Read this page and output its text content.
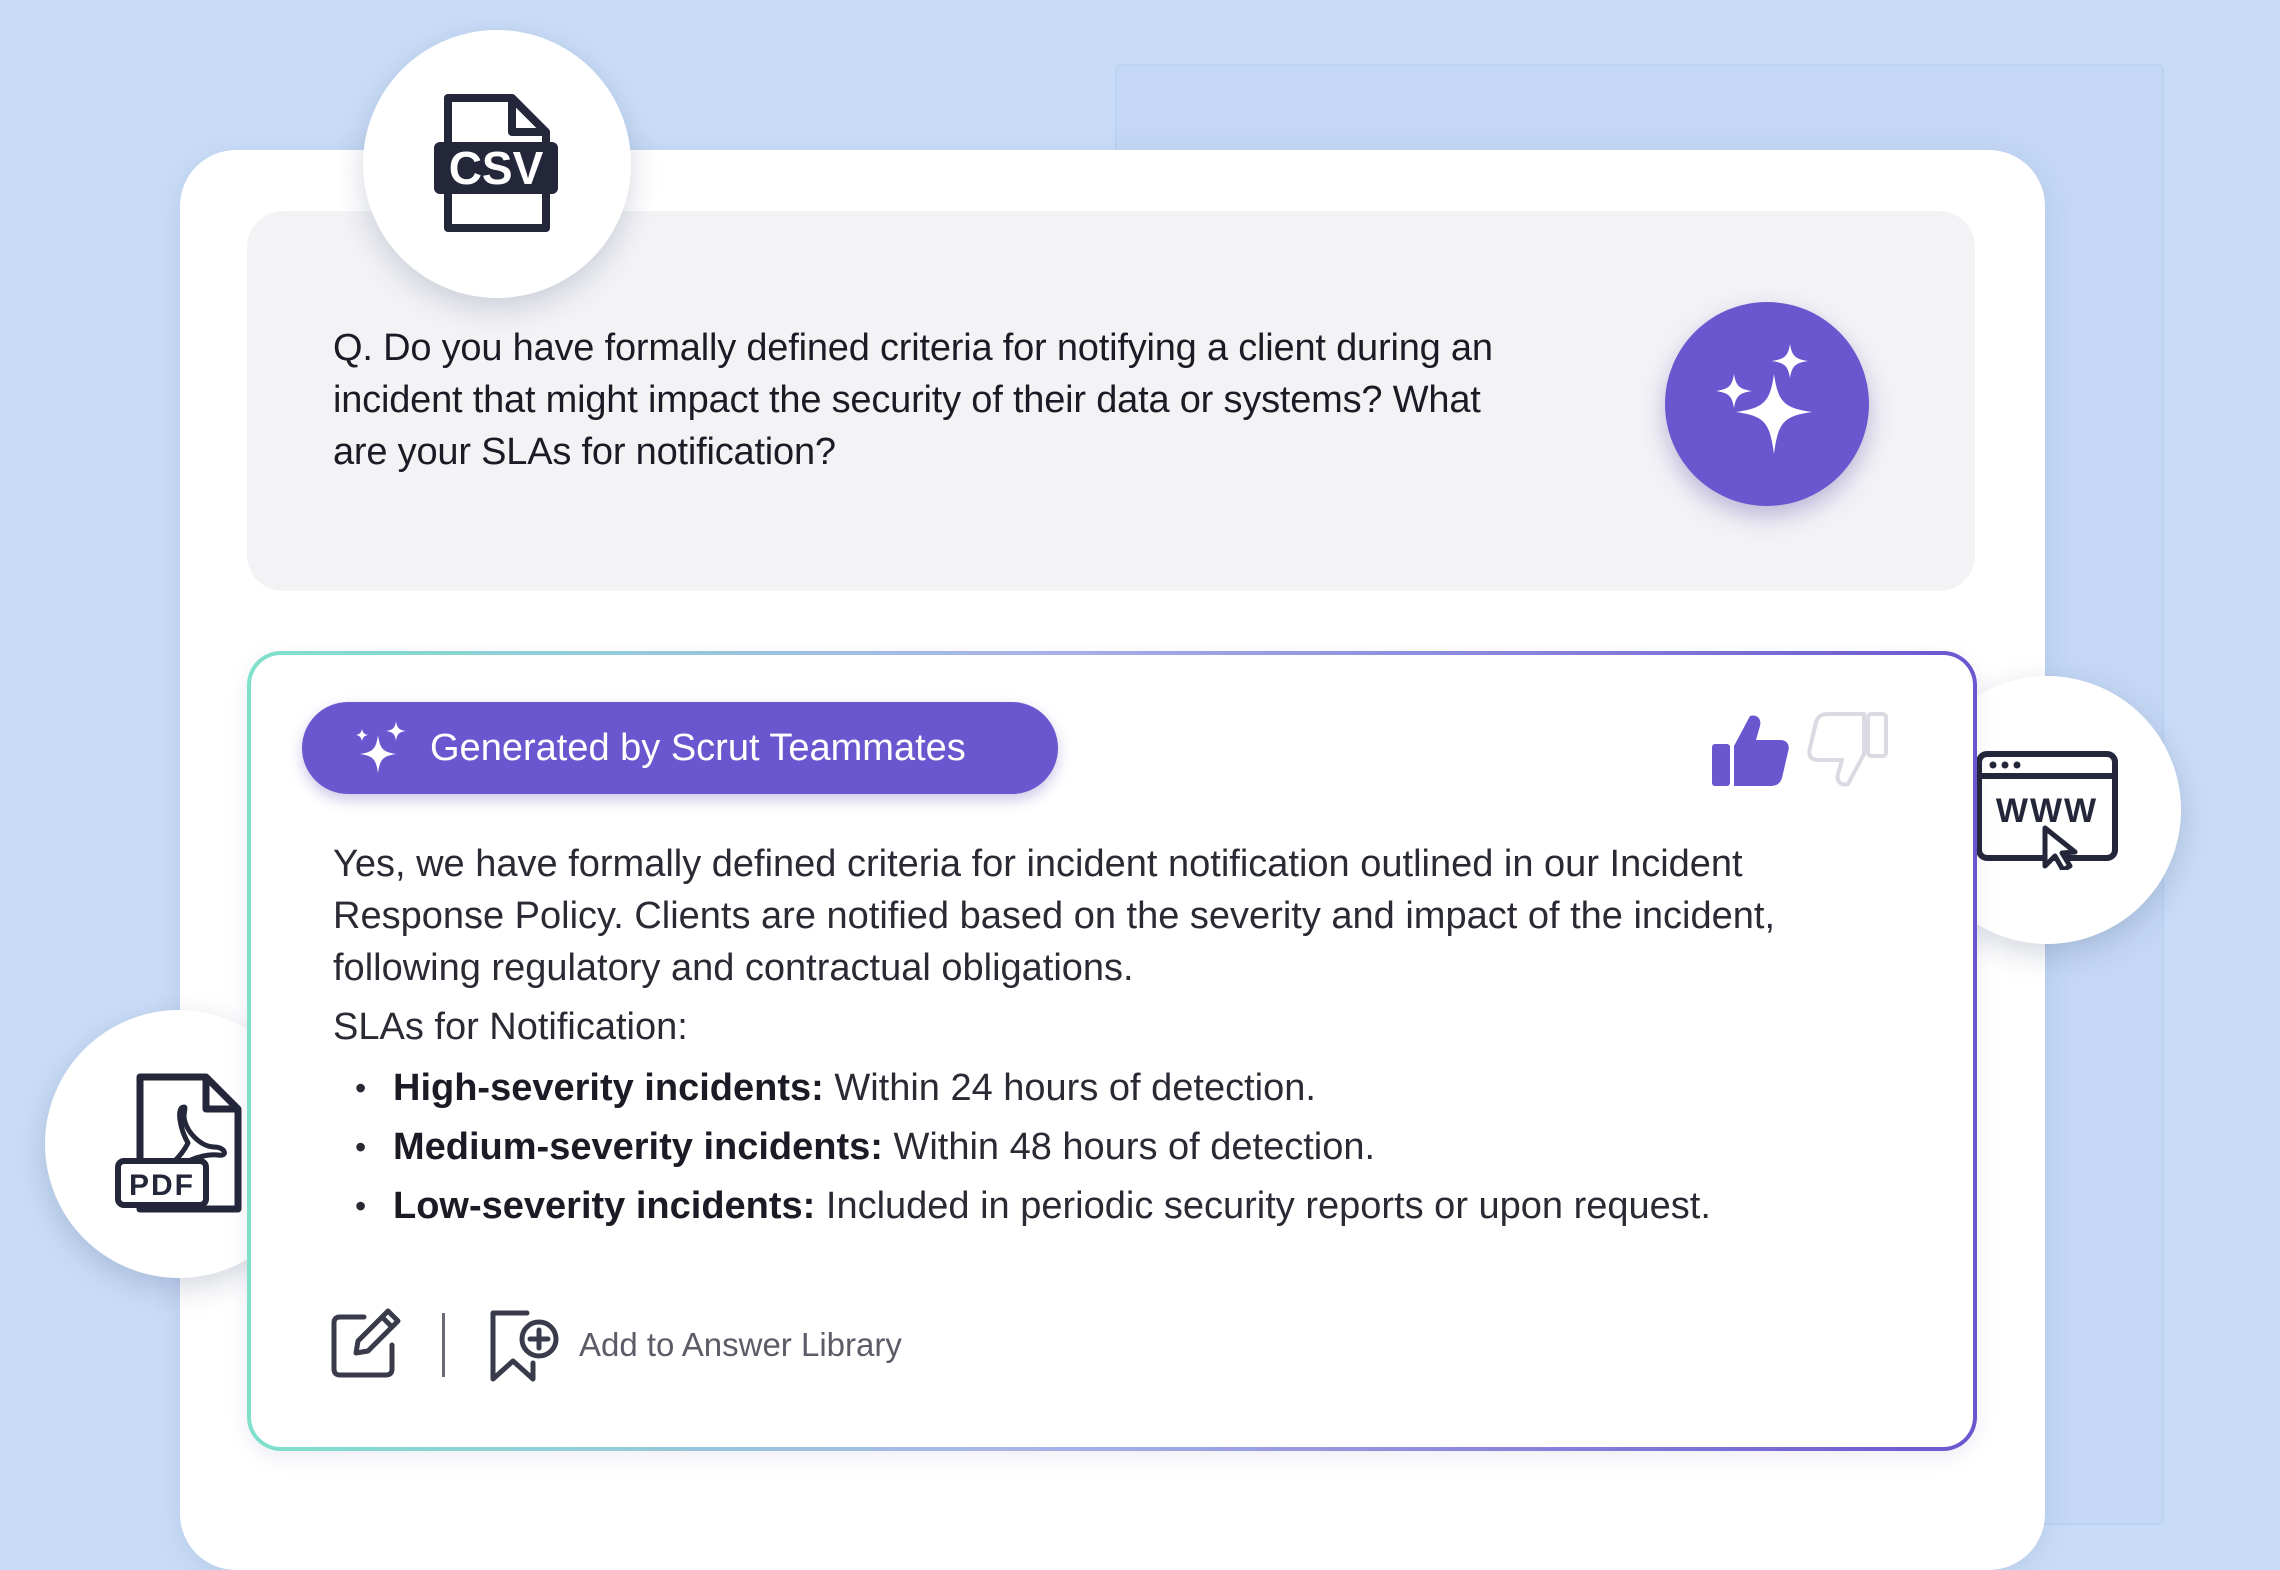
Q. Do you have formally defined criteria for notifying a client during an incident that might impact the security of their data or systems? What are your SLAs for notification?
CSV
WWW
PDF
Generated by Scrut Teammates

Yes, we have formally defined criteria for incident notification outlined in our Incident Response Policy. Clients are notified based on the severity and impact of the incident, following regulatory and contractual obligations.

SLAs for Notification:

• High-severity incidents: Within 24 hours of detection.
• Medium-severity incidents: Within 48 hours of detection.
• Low-severity incidents: Included in periodic security reports or upon request.
Add to Answer Library
